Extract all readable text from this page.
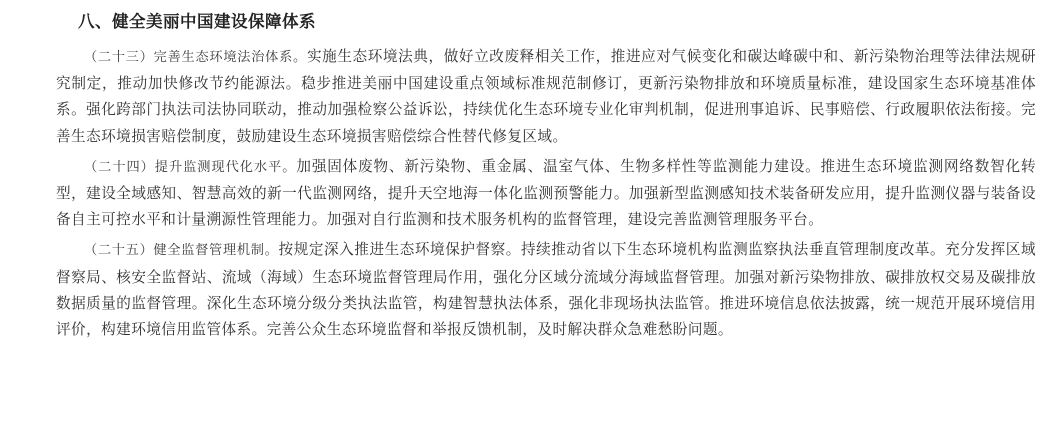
八、健全美丽中国建设保障体系

（二十三）完善生态环境法治体系。实施生态环境法典，做好立改废释相关工作，推进应对气候变化和碳达峰碳中和、新污染物治理等法律法规研究制定，推动加快修改节约能源法。稳步推进美丽中国建设重点领域标准规范制修订，更新污染物排放和环境质量标准，建设国家生态环境基准体系。强化跨部门执法司法协同联动，推动加强检察公益诉讼，持续优化生态环境专业化审判机制，促进刑事追诉、民事赔偿、行政履职依法衔接。完善生态环境损害赔偿制度，鼓励建设生态环境损害赔偿综合性替代修复区域。

（二十四）提升监测现代化水平。加强固体废物、新污染物、重金属、温室气体、生物多样性等监测能力建设。推进生态环境监测网络数智化转型，建设全域感知、智慧高效的新一代监测网络，提升天空地海一体化监测预警能力。加强新型监测感知技术装备研发应用，提升监测仪器与装备设备自主可控水平和计量溯源性管理能力。加强对自行监测和技术服务机构的监督管理，建设完善监测管理服务平台。

（二十五）健全监督管理机制。按规定深入推进生态环境保护督察。持续推动省以下生态环境机构监测监察执法垂直管理制度改革。充分发挥区域督察局、核安全监督站、流域（海域）生态环境监督管理局作用，强化分区域分流域分海域监督管理。加强对新污染物排放、碳排放权交易及碳排放数据质量的监督管理。深化生态环境分级分类执法监管，构建智慧执法体系，强化非现场执法监管。推进环境信息依法披露，统一规范开展环境信用评价，构建环境信用监管体系。完善公众生态环境监督和举报反馈机制，及时解决群众急难愁盼问题。
